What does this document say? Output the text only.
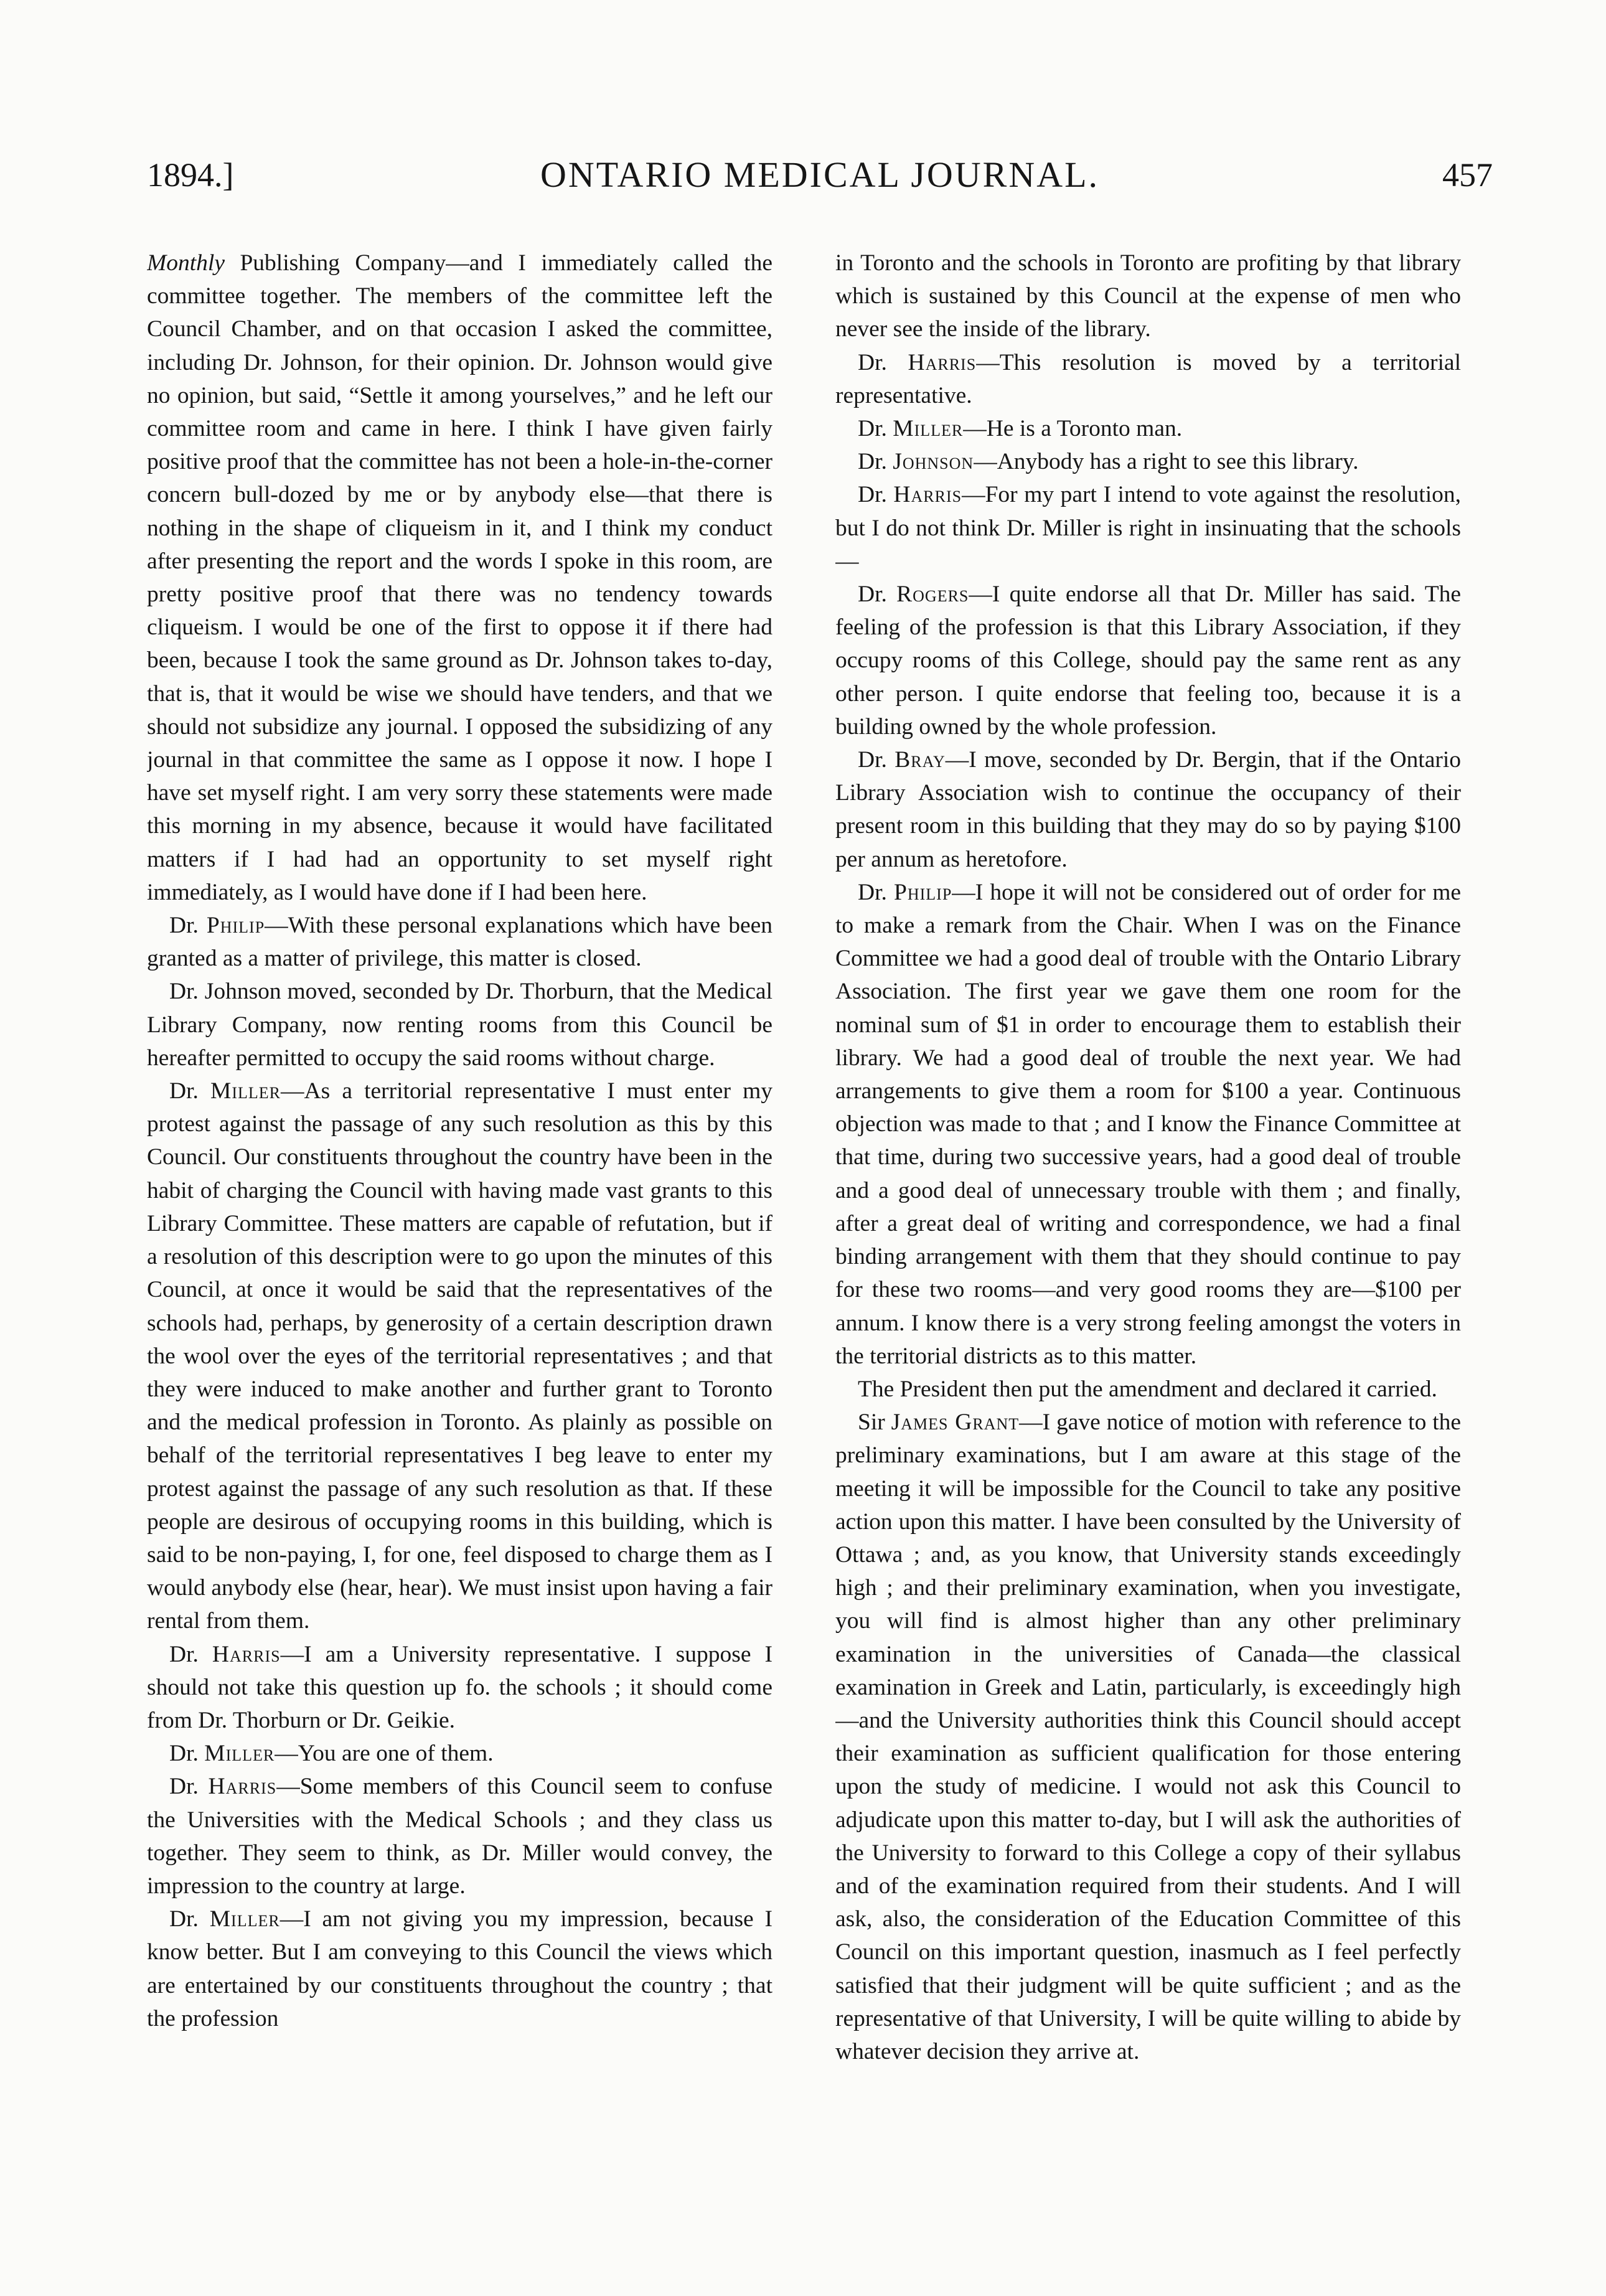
1894.]	ONTARIO MEDICAL JOURNAL.	457

Monthly Publishing Company—and I immediately called the committee together. The members of the committee left the Council Chamber, and on that occasion I asked the committee, including Dr. Johnson, for their opinion. Dr. Johnson would give no opinion, but said, “Settle it among yourselves,” and he left our committee room and came in here. I think I have given fairly positive proof that the committee has not been a hole-in-the-corner concern bull-dozed by me or by anybody else—that there is nothing in the shape of cliqueism in it, and I think my conduct after presenting the report and the words I spoke in this room, are pretty positive proof that there was no tendency towards cliqueism. I would be one of the first to oppose it if there had been, because I took the same ground as Dr. Johnson takes to-day, that is, that it would be wise we should have tenders, and that we should not subsidize any journal. I opposed the subsidizing of any journal in that committee the same as I oppose it now. I hope I have set myself right. I am very sorry these statements were made this morning in my absence, because it would have facilitated matters if I had had an opportunity to set myself right immediately, as I would have done if I had been here.

Dr. Philip—With these personal explanations which have been granted as a matter of privilege, this matter is closed.

Dr. Johnson moved, seconded by Dr. Thorburn, that the Medical Library Company, now renting rooms from this Council be hereafter permitted to occupy the said rooms without charge.

Dr. Miller—As a territorial representative I must enter my protest against the passage of any such resolution as this by this Council. Our constituents throughout the country have been in the habit of charging the Council with having made vast grants to this Library Committee. These matters are capable of refutation, but if a resolution of this description were to go upon the minutes of this Council, at once it would be said that the representatives of the schools had, perhaps, by generosity of a certain description drawn the wool over the eyes of the territorial representatives ; and that they were induced to make another and further grant to Toronto and the medical profession in Toronto. As plainly as possible on behalf of the territorial representatives I beg leave to enter my protest against the passage of any such resolution as that. If these people are desirous of occupying rooms in this building, which is said to be non-paying, I, for one, feel disposed to charge them as I would anybody else (hear, hear). We must insist upon having a fair rental from them.

Dr. Harris—I am a University representative. I suppose I should not take this question up fo. the schools ; it should come from Dr. Thorburn or Dr. Geikie.

Dr. Miller—You are one of them.

Dr. Harris—Some members of this Council seem to confuse the Universities with the Medical Schools ; and they class us together. They seem to think, as Dr. Miller would convey, the impression to the country at large.

Dr. Miller—I am not giving you my impression, because I know better. But I am conveying to this Council the views which are entertained by our constituents throughout the country ; that the profession

in Toronto and the schools in Toronto are profiting by that library which is sustained by this Council at the expense of men who never see the inside of the library.

Dr. Harris—This resolution is moved by a territorial representative.

Dr. Miller—He is a Toronto man.

Dr. Johnson—Anybody has a right to see this library.

Dr. Harris—For my part I intend to vote against the resolution, but I do not think Dr. Miller is right in insinuating that the schools—

Dr. Rogers—I quite endorse all that Dr. Miller has said. The feeling of the profession is that this Library Association, if they occupy rooms of this College, should pay the same rent as any other person. I quite endorse that feeling too, because it is a building owned by the whole profession.

Dr. Bray—I move, seconded by Dr. Bergin, that if the Ontario Library Association wish to continue the occupancy of their present room in this building that they may do so by paying $100 per annum as heretofore.

Dr. Philip—I hope it will not be considered out of order for me to make a remark from the Chair. When I was on the Finance Committee we had a good deal of trouble with the Ontario Library Association. The first year we gave them one room for the nominal sum of $1 in order to encourage them to establish their library. We had a good deal of trouble the next year. We had arrangements to give them a room for $100 a year. Continuous objection was made to that ; and I know the Finance Committee at that time, during two successive years, had a good deal of trouble and a good deal of unnecessary trouble with them ; and finally, after a great deal of writing and correspondence, we had a final binding arrangement with them that they should continue to pay for these two rooms—and very good rooms they are—$100 per annum. I know there is a very strong feeling amongst the voters in the territorial districts as to this matter.

The President then put the amendment and declared it carried.

Sir James Grant—I gave notice of motion with reference to the preliminary examinations, but I am aware at this stage of the meeting it will be impossible for the Council to take any positive action upon this matter. I have been consulted by the University of Ottawa ; and, as you know, that University stands exceedingly high ; and their preliminary examination, when you investigate, you will find is almost higher than any other preliminary examination in the universities of Canada—the classical examination in Greek and Latin, particularly, is exceedingly high—and the University authorities think this Council should accept their examination as sufficient qualification for those entering upon the study of medicine. I would not ask this Council to adjudicate upon this matter to-day, but I will ask the authorities of the University to forward to this College a copy of their syllabus and of the examination required from their students. And I will ask, also, the consideration of the Education Committee of this Council on this important question, inasmuch as I feel perfectly satisfied that their judgment will be quite sufficient ; and as the representative of that University, I will be quite willing to abide by whatever decision they arrive at.
